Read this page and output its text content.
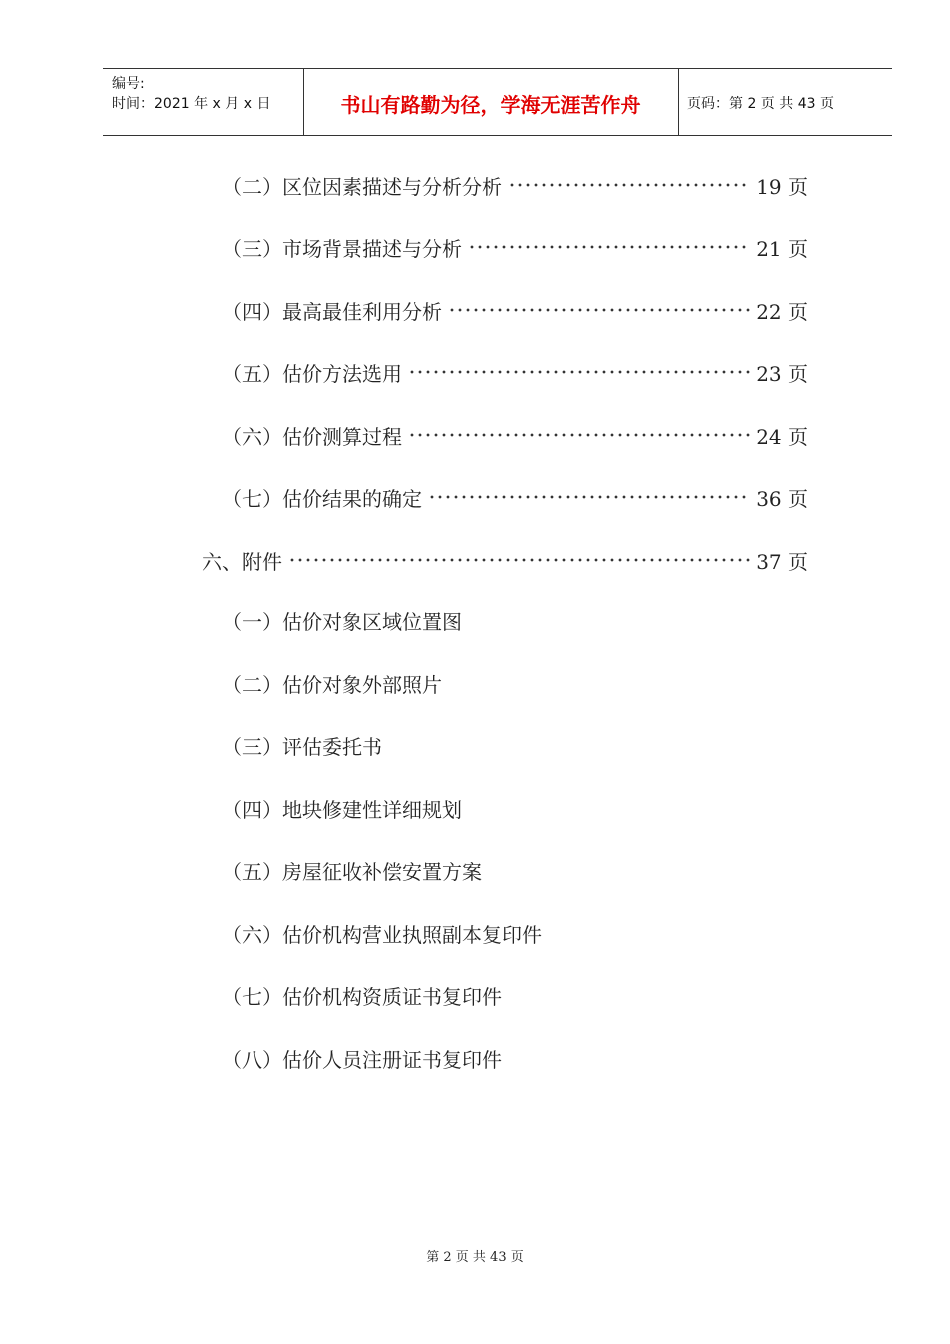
编号:
时间：2021 年 x 月 x 日	书山有路勤为径，学海无涯苦作舟	页码：第 2 页 共 43 页
（二）区位因素描述与分析分析	19 页
（三）市场背景描述与分析	21 页
（四）最高最佳利用分析	22 页
（五）估价方法选用	23 页
（六）估价测算过程	24 页
（七）估价结果的确定	36 页
六、附件	37 页
（一）估价对象区域位置图
（二）估价对象外部照片
（三）评估委托书
（四）地块修建性详细规划
（五）房屋征收补偿安置方案
（六）估价机构营业执照副本复印件
（七）估价机构资质证书复印件
（八）估价人员注册证书复印件
第 2 页 共 43 页
